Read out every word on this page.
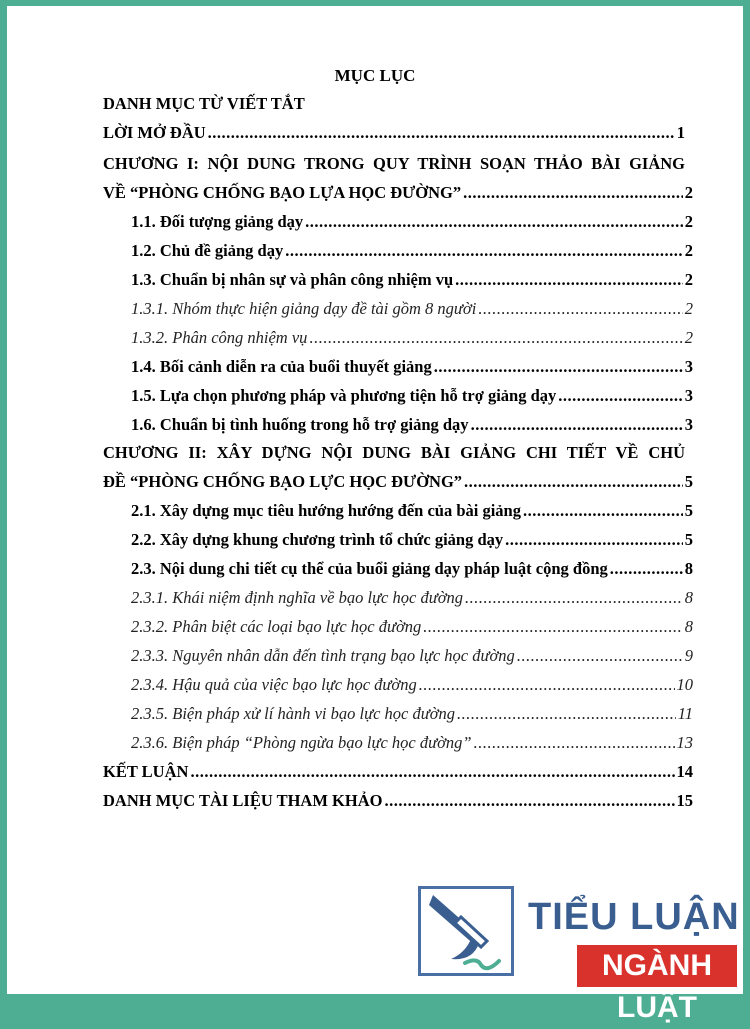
MỤC LỤC
DANH MỤC TỪ VIẾT TẮT
LỜI MỞ ĐẦU .....	1
CHƯƠNG I: NỘI DUNG TRONG QUY TRÌNH SOẠN THẢO BÀI GIẢNG
VỀ “PHÒNG CHỐNG BẠO LỰA HỌC ĐƯỜNG” .....	2
1.1. Đối tượng giảng dạy .....	2
1.2. Chủ đề giảng dạy .....	2
1.3. Chuẩn bị nhân sự và phân công nhiệm vụ .....	2
1.3.1. Nhóm thực hiện giảng dạy đề tài gồm 8 người .....	2
1.3.2. Phân công nhiệm vụ .....	2
1.4. Bối cảnh diễn ra của buổi thuyết giảng .....	3
1.5. Lựa chọn phương pháp và phương tiện hỗ trợ giảng dạy .....	3
1.6. Chuẩn bị tình huống trong hỗ trợ giảng dạy .....	3
CHƯƠNG II: XÂY DỰNG NỘI DUNG BÀI GIẢNG CHI TIẾT VỀ CHỦ
ĐỀ “PHÒNG CHỐNG BẠO LỰC HỌC ĐƯỜNG” .....	5
2.1. Xây dựng mục tiêu hướng hướng đến của bài giảng .....	5
2.2. Xây dựng khung chương trình tổ chức giảng dạy .....	5
2.3. Nội dung chi tiết cụ thể của buổi giảng dạy pháp luật cộng đồng .....	8
2.3.1. Khái niệm định nghĩa về bạo lực học đường .....	8
2.3.2. Phân biệt các loại bạo lực học đường .....	8
2.3.3. Nguyên nhân dẫn đến tình trạng bạo lực học đường .....	9
2.3.4. Hậu quả của việc bạo lực học đường .....	10
2.3.5. Biện pháp xử lí hành vi bạo lực học đường .....	11
2.3.6. Biện pháp “Phòng ngừa bạo lực học đường” .....	13
KẾT LUẬN .....	14
DANH MỤC TÀI LIỆU THAM KHẢO .....	15
TIỂU LUẬN
NGÀNH LUẬT
